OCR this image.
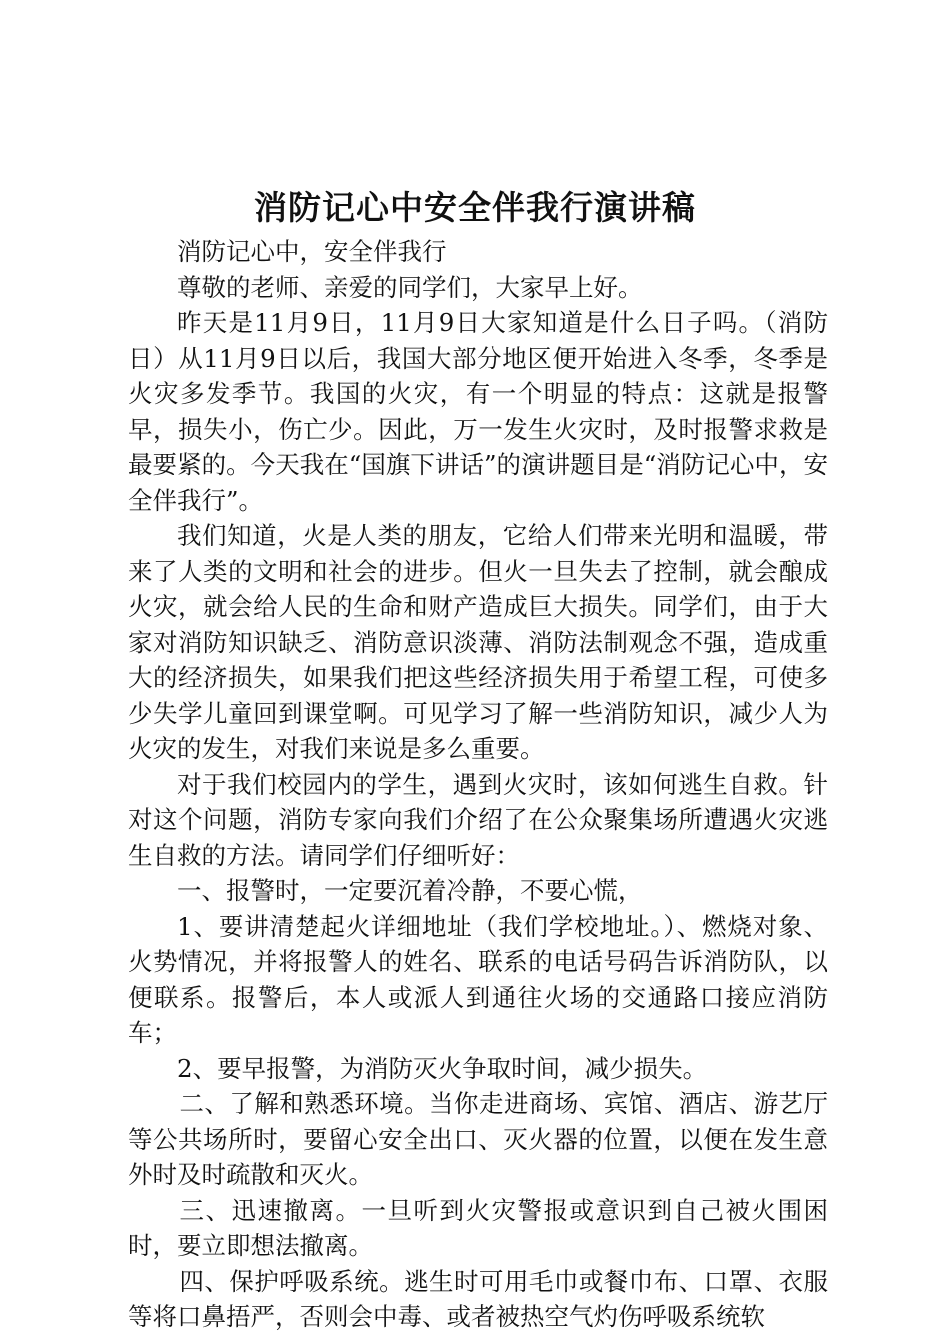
消防记心中安全伴我行演讲稿

消防记心中，安全伴我行

尊敬的老师、亲爱的同学们，大家早上好。

昨天是11月9日，11月9日大家知道是什么日子吗。（消防日）从11月9日以后，我国大部分地区便开始进入冬季，冬季是火灾多发季节。我国的火灾，有一个明显的特点：这就是报警早，损失小，伤亡少。因此，万一发生火灾时，及时报警求救是最要紧的。今天我在“国旗下讲话”的演讲题目是“消防记心中，安全伴我行”。

我们知道，火是人类的朋友，它给人们带来光明和温暖，带来了人类的文明和社会的进步。但火一旦失去了控制，就会酿成火灾，就会给人民的生命和财产造成巨大损失。同学们，由于大家对消防知识缺乏、消防意识淡薄、消防法制观念不强，造成重大的经济损失，如果我们把这些经济损失用于希望工程，可使多少失学儿童回到课堂啊。可见学习了解一些消防知识，减少人为火灾的发生，对我们来说是多么重要。

对于我们校园内的学生，遇到火灾时，该如何逃生自救。针对这个问题，消防专家向我们介绍了在公众聚集场所遭遇火灾逃生自救的方法。请同学们仔细听好：

一、报警时，一定要沉着冷静，不要心慌，

1、要讲清楚起火详细地址（我们学校地址。）、燃烧对象、火势情况，并将报警人的姓名、联系的电话号码告诉消防队，以便联系。报警后，本人或派人到通往火场的交通路口接应消防车；

2、要早报警，为消防灭火争取时间，减少损失。

二、了解和熟悉环境。当你走进商场、宾馆、酒店、游艺厅等公共场所时，要留心安全出口、灭火器的位置，以便在发生意外时及时疏散和灭火。

三、迅速撤离。一旦听到火灾警报或意识到自己被火围困时，要立即想法撤离。

四、保护呼吸系统。逃生时可用毛巾或餐巾布、口罩、衣服等将口鼻捂严，否则会中毒、或者被热空气灼伤呼吸系统软
